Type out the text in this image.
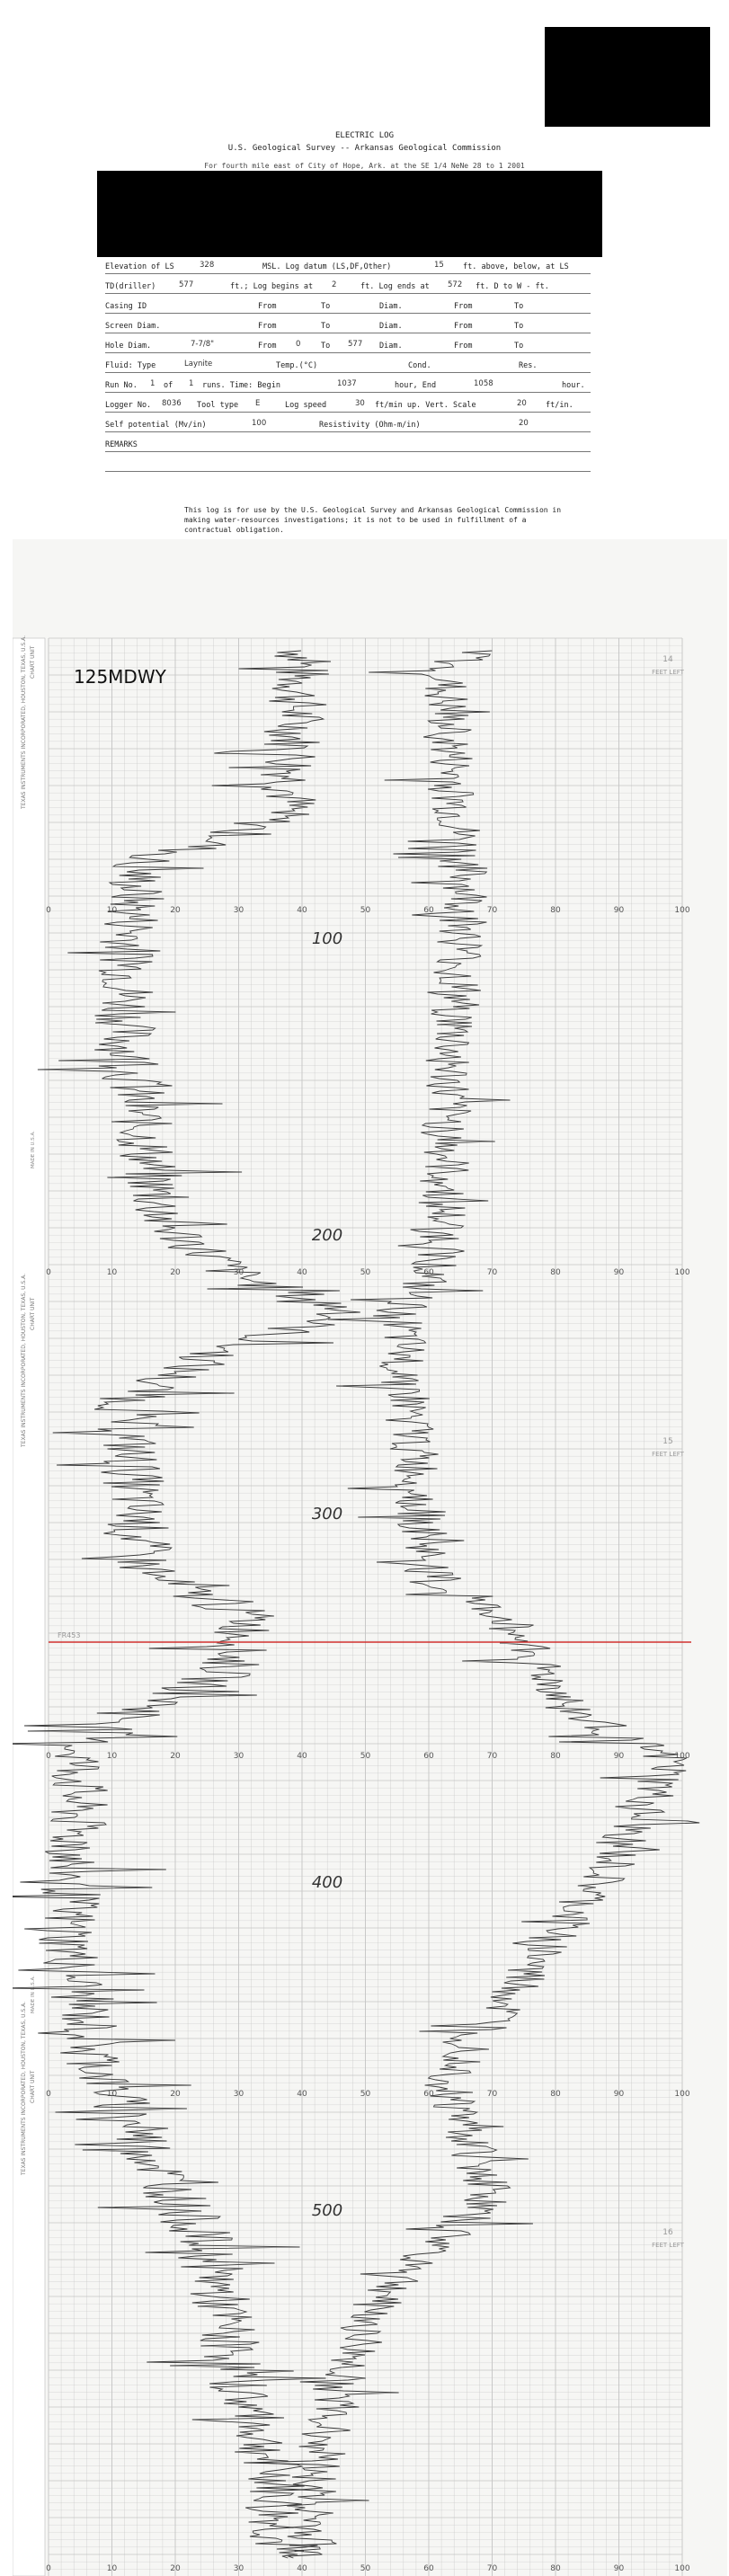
ELECTRIC LOG
U.S. Geological Survey -- Arkansas Geological Commission
For fourth mile east of City of Hope, Ark. at the SE 1/4 NeNe 28 to 1 2001
Elevation of LS	328	MSL. Log datum (LS,DF,Other)	15 ft. above, below, at LS
TD(driller)	577	ft.; Log begins at 2	ft. Log ends at 572 ft. D to W - ft.
Casing ID	From	To	Diam.	From	To
Screen Diam.	From	To	Diam.	From	To
Hole Diam.	7-7/8"	From	0	To 577 Diam.	From	To
Fluid: Type	Laynite	Temp.(°C)	Cond.	Res.
Run No. 1 of 1 runs. Time: Begin	1037	hour, End	1058	hour.
Logger No. 8036 Tool type E	Log speed	30 ft/min up. Vert. Scale	20 ft/in.
Self potential (Mv/in)	100	Resistivity (Ohm-m/in)	20
REMARKS
This log is for use by the U.S. Geological Survey and Arkansas Geological Commission in making water-resources investigations; it is not to be used in fulfillment of a contractual obligation.
0	10	20	30	40	50	60	70	80	90	100
0	10	20	30	40	50	60	70	80	90	100
0	10	20	30	40	50	60	70	80	90	100
0	10	20	30	40	50	60	70	80	90	100
0	10	20	30	40	50	60	70	80	90	100
100
200
300
400
500
TEXAS INSTRUMENTS INCORPORATED, HOUSTON, TEXAS, U.S.A.
TEXAS INSTRUMENTS INCORPORATED, HOUSTON, TEXAS, U.S.A.
TEXAS INSTRUMENTS INCORPORATED, HOUSTON, TEXAS, U.S.A.
CHART UNIT
CHART UNIT
CHART UNIT
MADE IN U.S.A.
MADE IN U.S.A.
14
FEET LEFT
15
FEET LEFT
16
FEET LEFT
FR453
125MDWY
